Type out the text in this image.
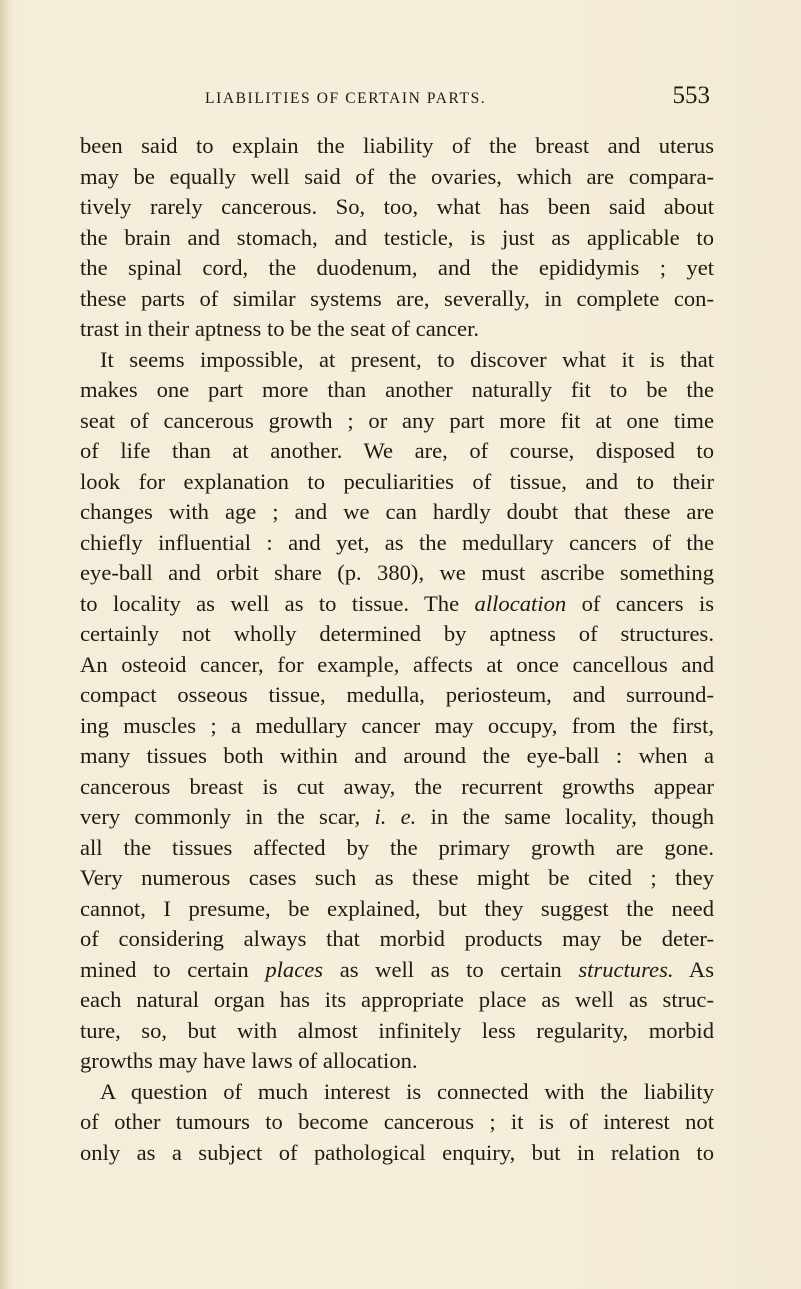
LIABILITIES OF CERTAIN PARTS.	553
been said to explain the liability of the breast and uterus
may be equally well said of the ovaries, which are compara-
tively rarely cancerous. So, too, what has been said about
the brain and stomach, and testicle, is just as applicable to
the spinal cord, the duodenum, and the epididymis ; yet
these parts of similar systems are, severally, in complete con-
trast in their aptness to be the seat of cancer.
It seems impossible, at present, to discover what it is that
makes one part more than another naturally fit to be the
seat of cancerous growth ; or any part more fit at one time
of life than at another. We are, of course, disposed to
look for explanation to peculiarities of tissue, and to their
changes with age ; and we can hardly doubt that these are
chiefly influential : and yet, as the medullary cancers of the
eye-ball and orbit share (p. 380), we must ascribe something
to locality as well as to tissue. The allocation of cancers is
certainly not wholly determined by aptness of structures.
An osteoid cancer, for example, affects at once cancellous and
compact osseous tissue, medulla, periosteum, and surround-
ing muscles ; a medullary cancer may occupy, from the first,
many tissues both within and around the eye-ball : when a
cancerous breast is cut away, the recurrent growths appear
very commonly in the scar, i. e. in the same locality, though
all the tissues affected by the primary growth are gone.
Very numerous cases such as these might be cited ; they
cannot, I presume, be explained, but they suggest the need
of considering always that morbid products may be deter-
mined to certain places as well as to certain structures. As
each natural organ has its appropriate place as well as struc-
ture, so, but with almost infinitely less regularity, morbid
growths may have laws of allocation.
A question of much interest is connected with the liability
of other tumours to become cancerous ; it is of interest not
only as a subject of pathological enquiry, but in relation to
